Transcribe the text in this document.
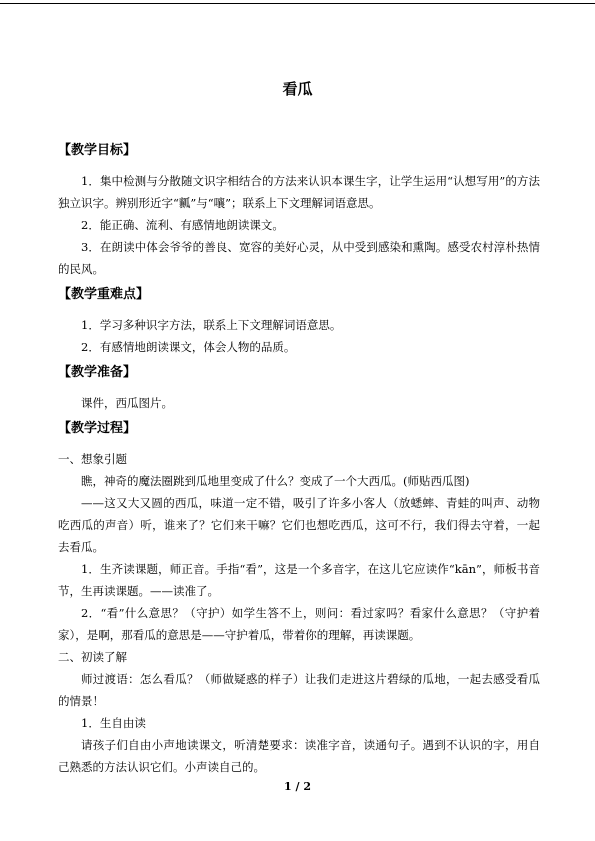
看瓜
【教学目标】

1．集中检测与分散随文识字相结合的方法来认识本课生字，让学生运用“认想写用”的方法独立识字。辨别形近字“瓤”与“嚷”；联系上下文理解词语意思。

2．能正确、流利、有感情地朗读课文。

3．在朗读中体会爷爷的善良、宽容的美好心灵，从中受到感染和熏陶。感受农村淳朴热情的民风。

【教学重难点】

1．学习多种识字方法，联系上下文理解词语意思。

2．有感情地朗读课文，体会人物的品质。

【教学准备】

课件，西瓜图片。

【教学过程】

一、想象引题

瞧，神奇的魔法圈跳到瓜地里变成了什么？变成了一个大西瓜。(师贴西瓜图)

——这又大又圆的西瓜，味道一定不错，吸引了许多小客人（放蟋蟀、青蛙的叫声、动物吃西瓜的声音）听，谁来了？它们来干嘛？它们也想吃西瓜，这可不行，我们得去守着，一起去看瓜。

1．生齐读课题，师正音。手指“看”，这是一个多音字，在这儿它应读作“kān”，师板书音节，生再读课题。——读准了。

2．“看”什么意思？（守护）如学生答不上，则问：看过家吗？看家什么意思？（守护着家），是啊，那看瓜的意思是——守护着瓜，带着你的理解，再读课题。

二、初读了解

师过渡语：怎么看瓜？（师做疑惑的样子）让我们走进这片碧绿的瓜地，一起去感受看瓜的情景！

1．生自由读

请孩子们自由小声地读课文，听清楚要求：读准字音，读通句子。遇到不认识的字，用自己熟悉的方法认识它们。小声读自己的。

1 / 2
